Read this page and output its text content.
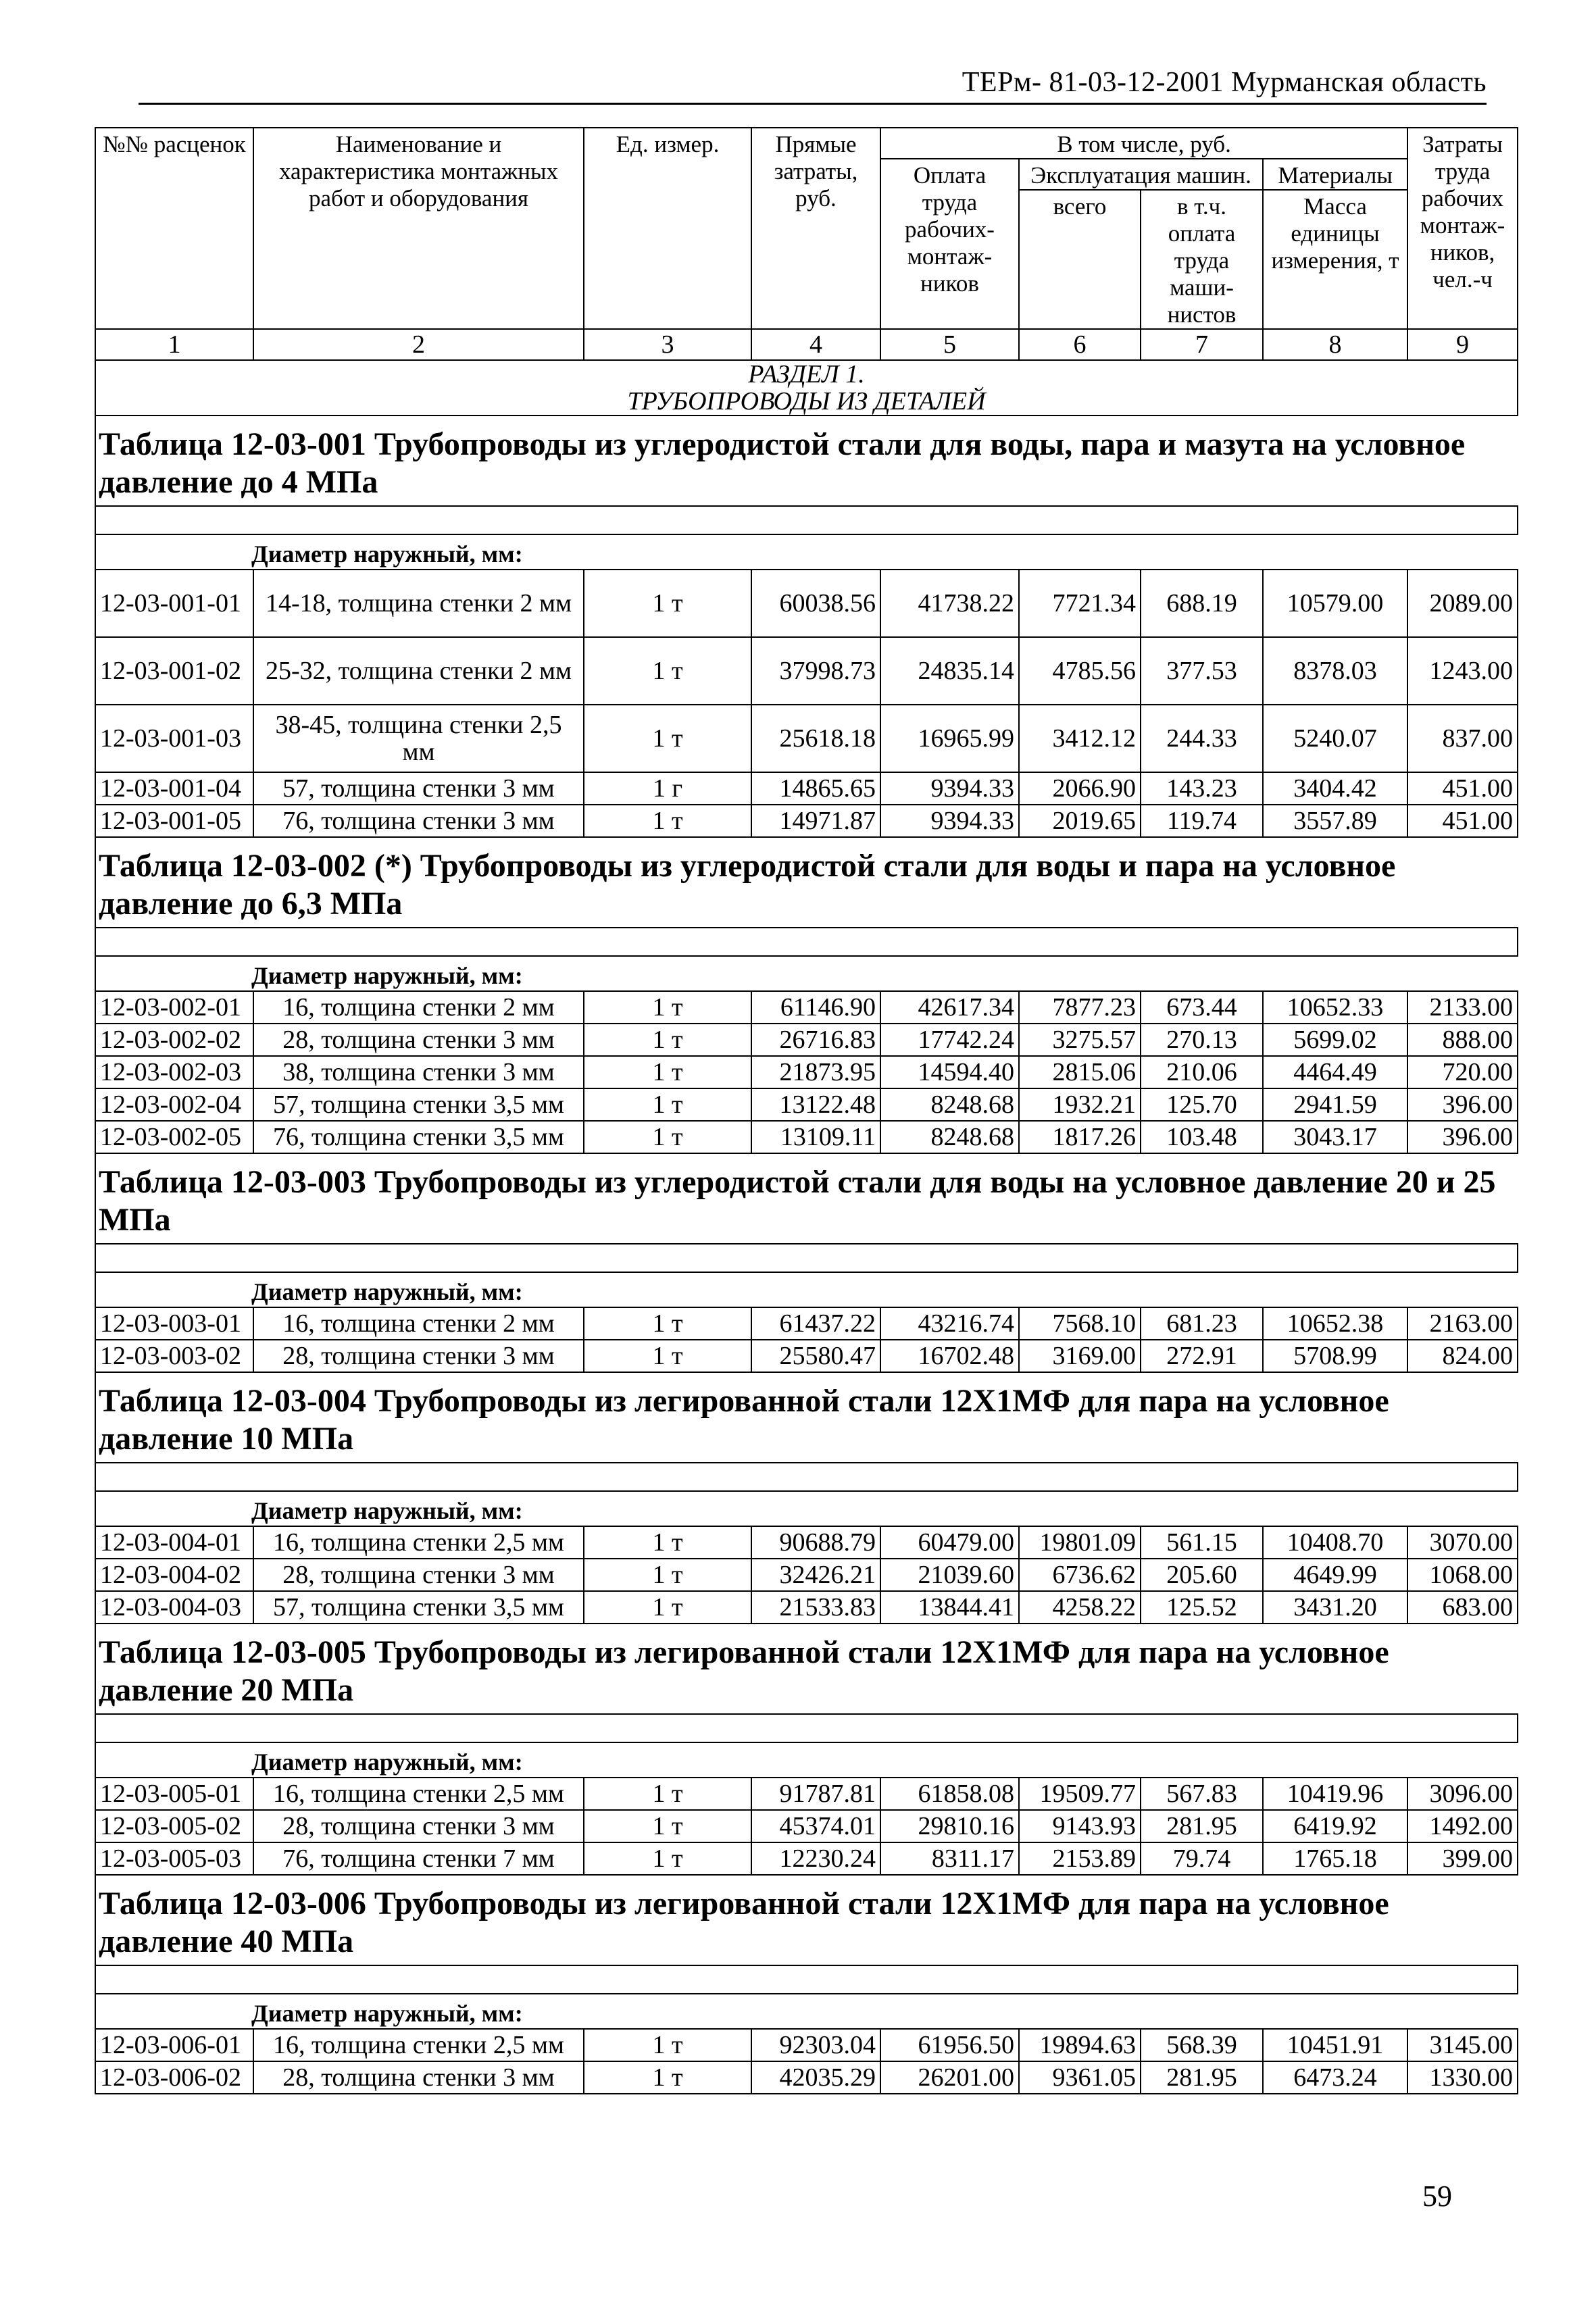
ТЕРм- 81-03-12-2001 Мурманская область
№№ расценок	Наименование и характеристика монтажных работ и оборудования	Ед. измер.	Прямые затраты, руб.	В том числе, руб.				Затраты труда рабочих монтаж-ников, чел.-ч
				Оплата труда рабочих-монтаж-ников	Эксплуатация машин.		Материалы	
					всего	в т.ч. оплата труда маши-нистов	Масса единицы измерения, т	
1	2	3	4	5	6	7	8	9

РАЗДЕЛ 1.
ТРУБОПРОВОДЫ ИЗ ДЕТАЛЕЙ								

Таблица 12-03-001 Трубопроводы из углеродистой стали для воды, пара и мазута на условное давление до 4 МПа								

Диаметр наружный, мм:								
12-03-001-01	14-18, толщина стенки 2 мм	1 т	60038.56	41738.22	7721.34	688.19	10579.00	2089.00
12-03-001-02	25-32, толщина стенки 2 мм	1 т	37998.73	24835.14	4785.56	377.53	8378.03	1243.00
12-03-001-03	38-45, толщина стенки 2,5 мм	1 т	25618.18	16965.99	3412.12	244.33	5240.07	837.00
12-03-001-04	57, толщина стенки 3 мм	1 г	14865.65	9394.33	2066.90	143.23	3404.42	451.00
12-03-001-05	76, толщина стенки 3 мм	1 т	14971.87	9394.33	2019.65	119.74	3557.89	451.00
Таблица 12-03-002 (*) Трубопроводы из углеродистой стали для воды и пара на условное давление до 6,3 МПа								

Диаметр наружный, мм:								
12-03-002-01	16, толщина стенки 2 мм	1 т	61146.90	42617.34	7877.23	673.44	10652.33	2133.00
12-03-002-02	28, толщина стенки 3 мм	1 т	26716.83	17742.24	3275.57	270.13	5699.02	888.00
12-03-002-03	38, толщина стенки 3 мм	1 т	21873.95	14594.40	2815.06	210.06	4464.49	720.00
12-03-002-04	57, толщина стенки 3,5 мм	1 т	13122.48	8248.68	1932.21	125.70	2941.59	396.00
12-03-002-05	76, толщина стенки 3,5 мм	1 т	13109.11	8248.68	1817.26	103.48	3043.17	396.00
Таблица 12-03-003 Трубопроводы из углеродистой стали для воды на условное давление 20 и 25 МПа								

Диаметр наружный, мм:								
12-03-003-01	16, толщина стенки 2 мм	1 т	61437.22	43216.74	7568.10	681.23	10652.38	2163.00
12-03-003-02	28, толщина стенки 3 мм	1 т	25580.47	16702.48	3169.00	272.91	5708.99	824.00
Таблица 12-03-004 Трубопроводы из легированной стали 12Х1МФ для пара на условное давление 10 МПа								

Диаметр наружный, мм:								
12-03-004-01	16, толщина стенки 2,5 мм	1 т	90688.79	60479.00	19801.09	561.15	10408.70	3070.00
12-03-004-02	28, толщина стенки 3 мм	1 т	32426.21	21039.60	6736.62	205.60	4649.99	1068.00
12-03-004-03	57, толщина стенки 3,5 мм	1 т	21533.83	13844.41	4258.22	125.52	3431.20	683.00
Таблица 12-03-005 Трубопроводы из легированной стали 12Х1МФ для пара на условное давление 20 МПа								

Диаметр наружный, мм:								
12-03-005-01	16, толщина стенки 2,5 мм	1 т	91787.81	61858.08	19509.77	567.83	10419.96	3096.00
12-03-005-02	28, толщина стенки 3 мм	1 т	45374.01	29810.16	9143.93	281.95	6419.92	1492.00
12-03-005-03	76, толщина стенки 7 мм	1 т	12230.24	8311.17	2153.89	79.74	1765.18	399.00
Таблица 12-03-006 Трубопроводы из легированной стали 12Х1МФ для пара на условное давление 40 МПа								

Диаметр наружный, мм:								
12-03-006-01	16, толщина стенки 2,5 мм	1 т	92303.04	61956.50	19894.63	568.39	10451.91	3145.00
12-03-006-02	28, толщина стенки 3 мм	1 т	42035.29	26201.00	9361.05	281.95	6473.24	1330.00
59
